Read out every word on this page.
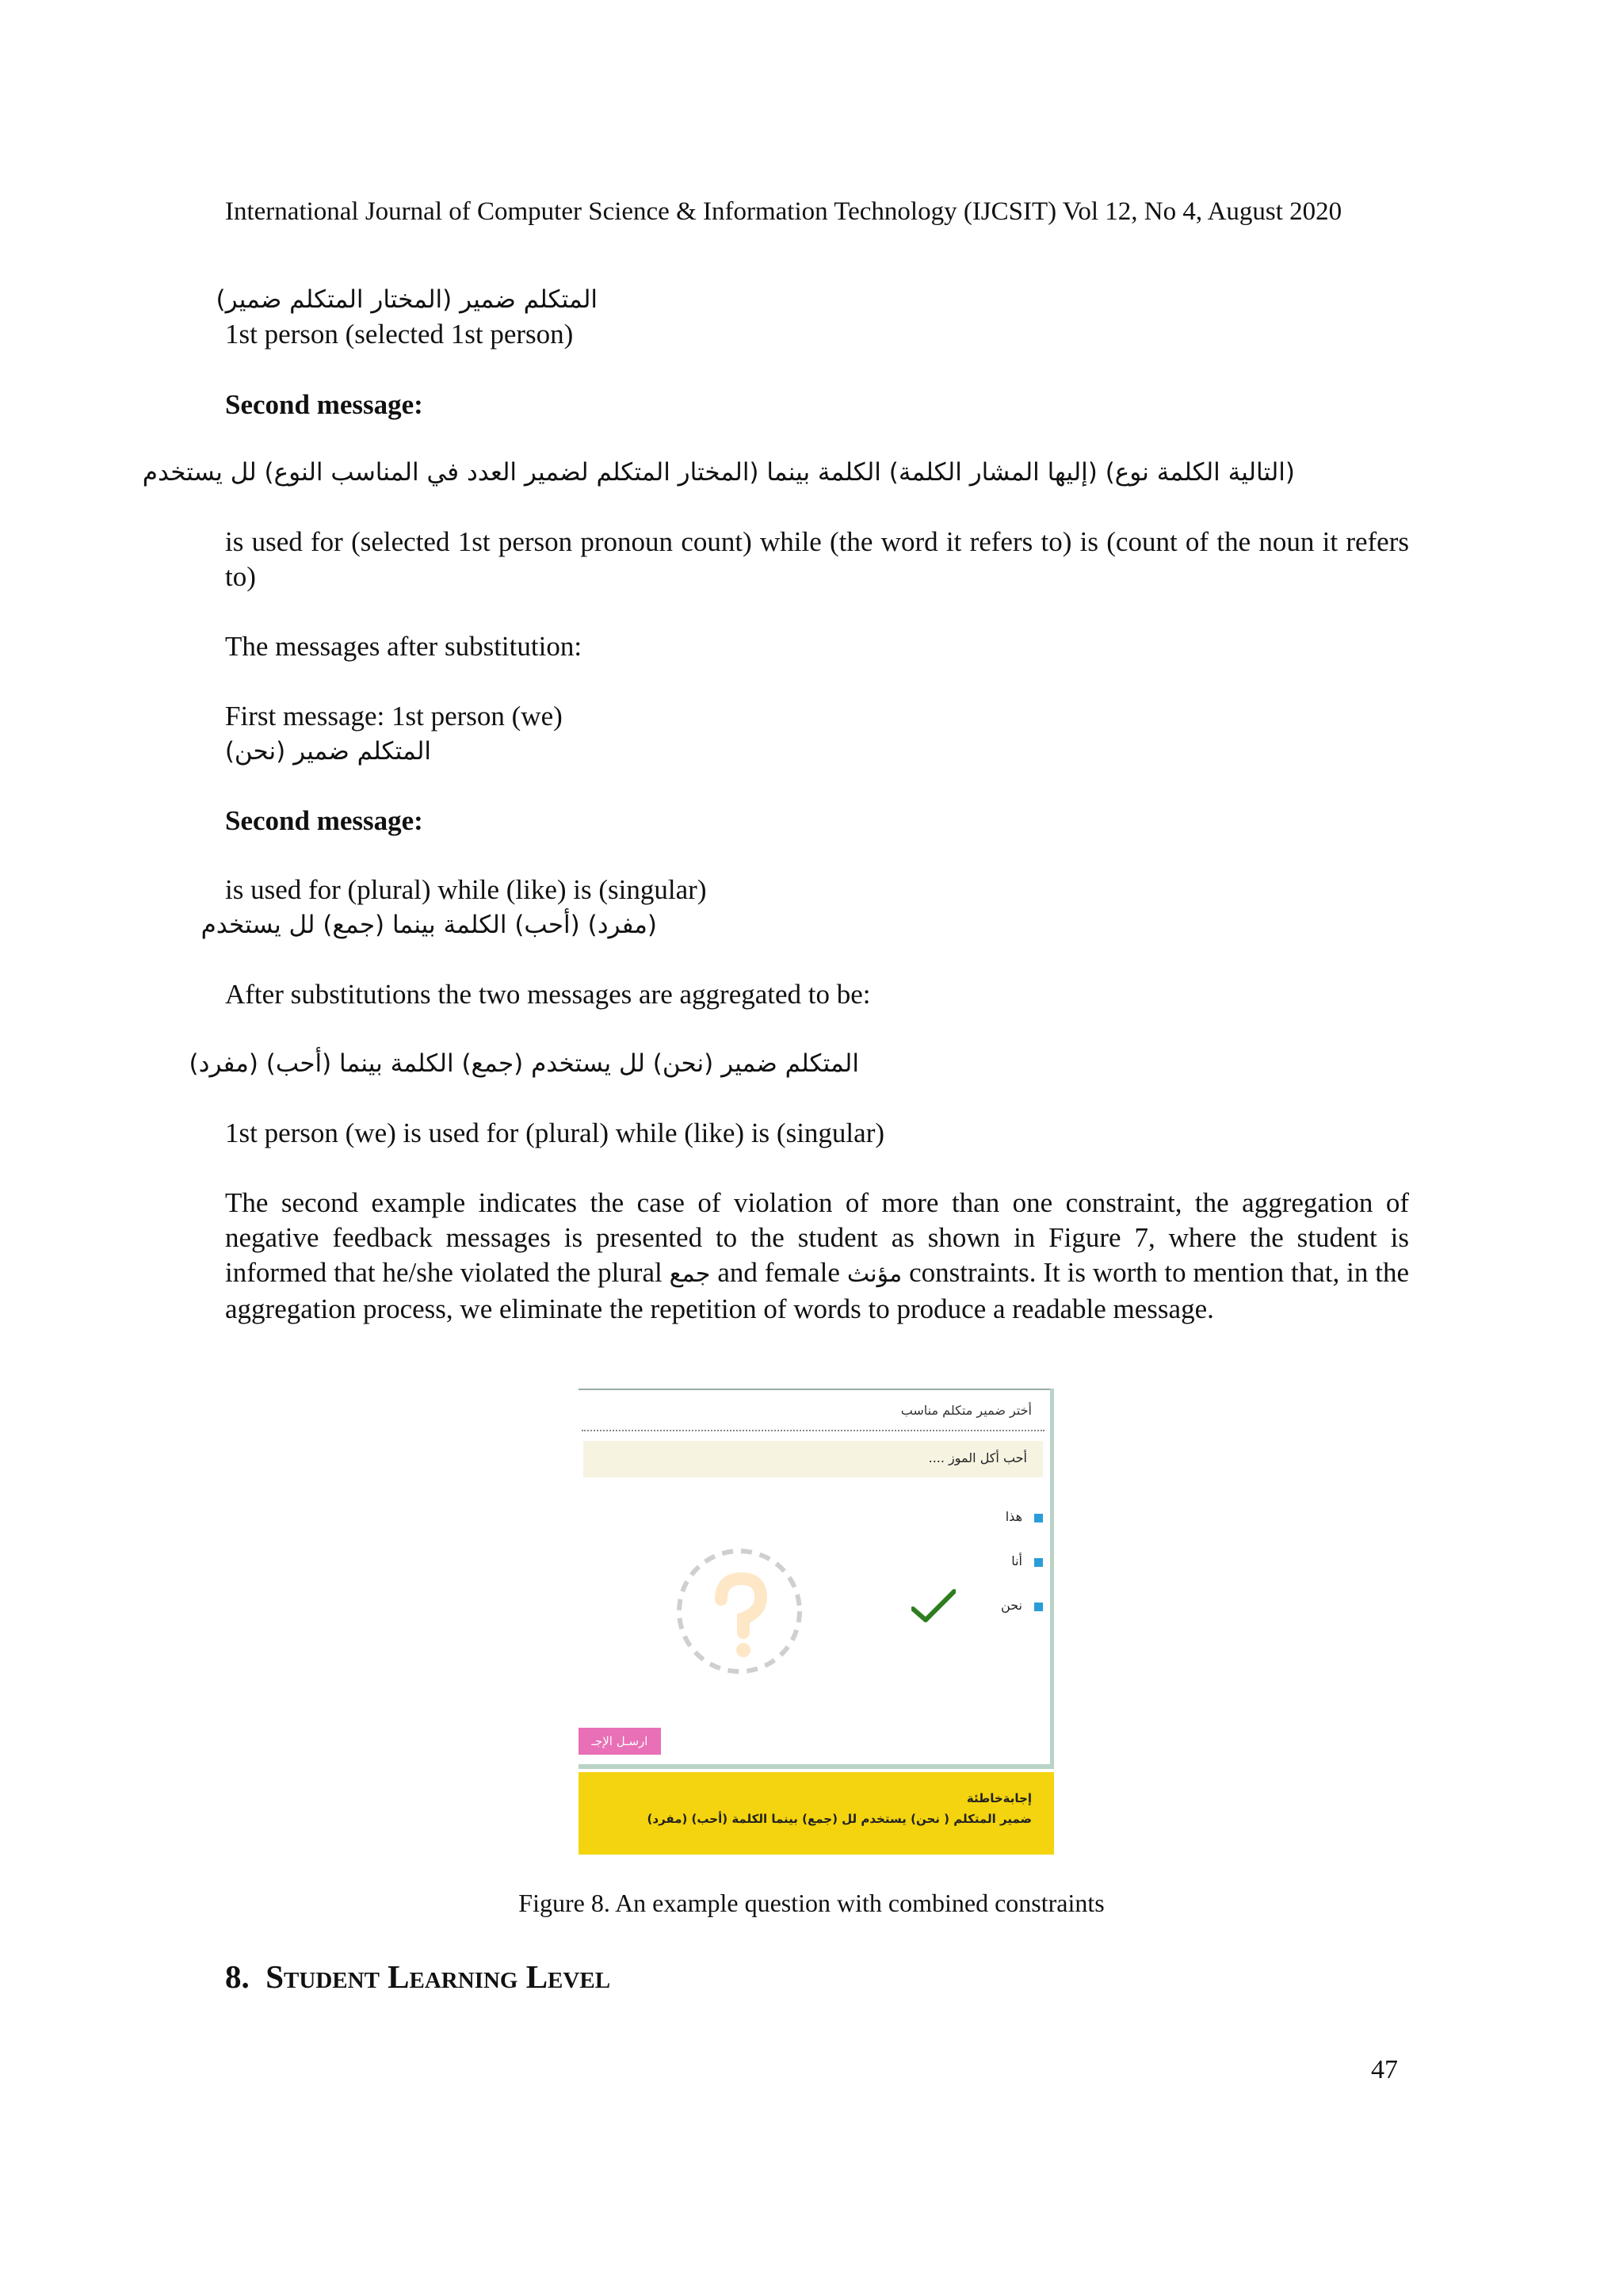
International Journal of Computer Science & Information Technology (IJCSIT) Vol 12, No 4, August 2020
المتكلم ضمير (المختار المتكلم ضمير)
1st person (selected 1st person)
Second message:
(التالية الكلمة نوع) (إليها المشار الكلمة) الكلمة بينما (المختار المتكلم لضمير العدد في المناسب النوع) لل يستخدم
is used for (selected 1st person pronoun count) while (the word it refers to) is (count of the noun it refers to)
The messages after substitution:
First message: 1st person (we)
المتكلم ضمير (نحن)
Second message:
is used for (plural) while (like) is (singular)
(مفرد) (أحب) الكلمة بينما (جمع) لل يستخدم
After substitutions the two messages are aggregated to be:
المتكلم ضمير (نحن) لل يستخدم (جمع) الكلمة بينما (أحب) (مفرد)
1st person (we) is used for (plural) while (like) is (singular)
The second example indicates the case of violation of more than one constraint, the aggregation of negative feedback messages is presented to the student as shown in Figure 7, where the student is informed that he/she violated the plural جمع and female مؤنث constraints. It is worth to mention that, in the aggregation process, we eliminate the repetition of words to produce a readable message.
أختر ضمير متكلم مناسب
أحب أكل الموز ....
هذا
أنا
نحن
ارسـل الإجـ
إجابةخاطئة
ضمير المتكلم ( نحن) يستخدم لل (جمع) بينما الكلمة (أحب) (مفرد)
Figure 8. An example question with combined constraints
8. Student Learning Level
47
